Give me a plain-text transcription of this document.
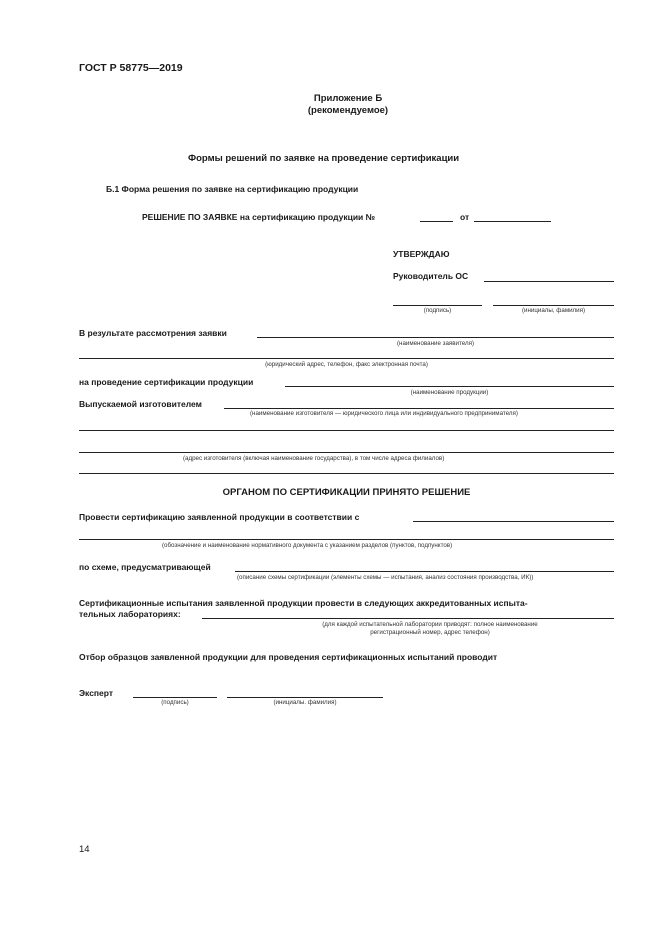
ГОСТ Р 58775—2019
Приложение Б
(рекомендуемое)
Формы решений по заявке на проведение сертификации
Б.1 Форма решения по заявке на сертификацию продукции
РЕШЕНИЕ ПО ЗАЯВКЕ на сертификацию продукции №	от
УТВЕРЖДАЮ
Руководитель ОС
(подпись)	(инициалы, фамилия)
В результате рассмотрения заявки
(наименование заявителя)
(юридический адрес, телефон, факс электронная почта)
на проведение сертификации продукции
(наименование продукции)
Выпускаемой изготовителем
(наименование изготовителя — юридического лица или индивидуального предпринимателя)
(адрес изготовителя (включая наименование государства), в том числе адреса филиалов)
ОРГАНОМ ПО СЕРТИФИКАЦИИ ПРИНЯТО РЕШЕНИЕ
Провести сертификацию заявленной продукции в соответствии с
(обозначение и наименование нормативного документа с указанием разделов (пунктов, подпунктов)
по схеме, предусматривающей
(описание схемы сертификации (элементы схемы — испытания, анализ состояния производства, ИК))
Сертификационные испытания заявленной продукции провести в следующих аккредитованных испыта-
тельных лабораториях:
(для каждой испытательной лаборатории приводят: полное наименование
регистрационный номер, адрес телефон)
Отбор образцов заявленной продукции для проведения сертификационных испытаний проводит
Эксперт
(подпись)	(инициалы. фамилия)
14
